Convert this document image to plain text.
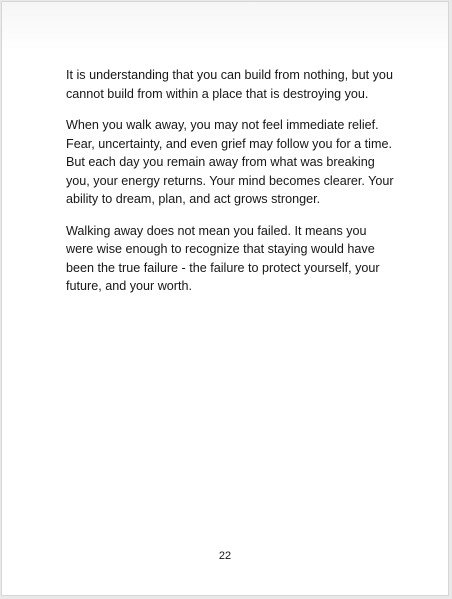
It is understanding that you can build from nothing, but you cannot build from within a place that is destroying you.

When you walk away, you may not feel immediate relief. Fear, uncertainty, and even grief may follow you for a time. But each day you remain away from what was breaking you, your energy returns. Your mind becomes clearer. Your ability to dream, plan, and act grows stronger.

Walking away does not mean you failed. It means you were wise enough to recognize that staying would have been the true failure - the failure to protect yourself, your future, and your worth.

22
